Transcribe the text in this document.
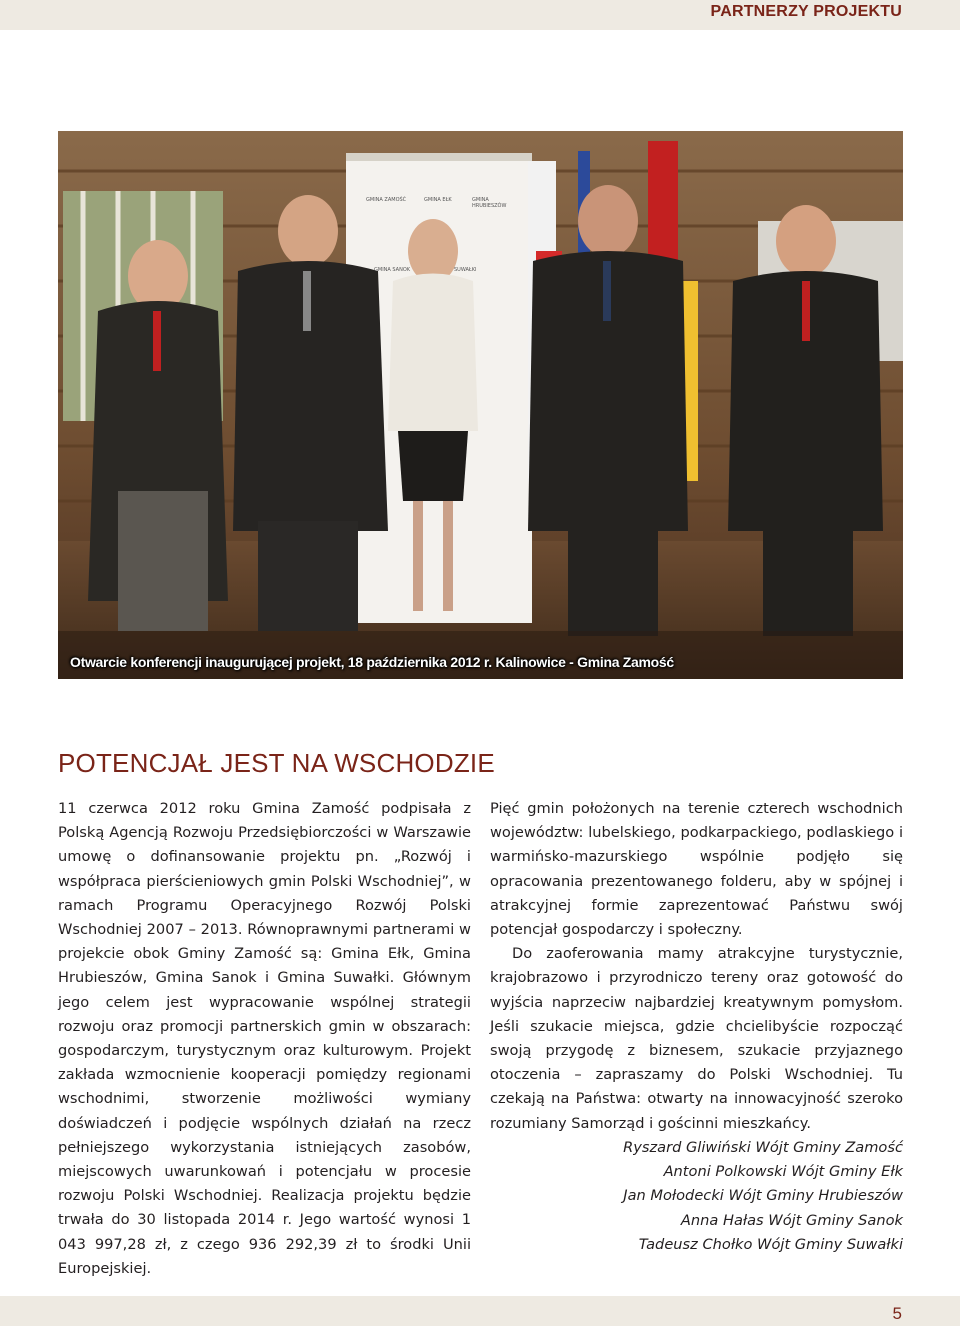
PARTNERZY PROJEKTU
GMINA ZAMOŚĆ	GMINA EŁK	GMINA HRUBIESZÓW
GMINA SANOK	SUWAŁKI
Otwarcie konferencji inaugurującej projekt, 18 października 2012 r. Kalinowice - Gmina Zamość
POTENCJAŁ JEST NA WSCHODZIE
11 czerwca 2012 roku Gmina Zamość podpisała z Polską Agencją Rozwoju Przedsiębiorczości w Warszawie umowę o dofinansowanie projektu pn. „Rozwój i współpraca pierścieniowych gmin Polski Wschodniej”, w ramach Programu Operacyjnego Rozwój Polski Wschodniej 2007 – 2013. Równoprawnymi partnerami w projekcie obok Gminy Zamość są: Gmina Ełk, Gmina Hrubieszów, Gmina Sanok i Gmina Suwałki. Głównym jego celem jest wypracowanie wspólnej strategii rozwoju oraz promocji partnerskich gmin w obszarach: gospodarczym, turystycznym oraz kulturowym. Projekt zakłada wzmocnienie kooperacji pomiędzy regionami wschodnimi, stworzenie możliwości wymiany doświadczeń i podjęcie wspólnych działań na rzecz pełniejszego wykorzystania istniejących zasobów, miejscowych uwarunkowań i potencjału w procesie rozwoju Polski Wschodniej. Realizacja projektu będzie trwała do 30 listopada 2014 r. Jego wartość wynosi 1 043 997,28 zł, z czego 936 292,39 zł to środki Unii Europejskiej.

Pięć gmin położonych na terenie czterech wschodnich województw: lubelskiego, podkarpackiego, podlaskiego i warmińsko-mazurskiego wspólnie podjęło się opracowania prezentowanego folderu, aby w spójnej i atrakcyjnej formie zaprezentować Państwu swój potencjał gospodarczy i społeczny.

Do zaoferowania mamy atrakcyjne turystycznie, krajobrazowo i przyrodniczo tereny oraz gotowość do wyjścia naprzeciw najbardziej kreatywnym pomysłom. Jeśli szukacie miejsca, gdzie chcielibyście rozpocząć swoją przygodę z biznesem, szukacie przyjaznego otoczenia – zapraszamy do Polski Wschodniej. Tu czekają na Państwa: otwarty na innowacyjność szeroko rozumiany Samorząd i gościnni mieszkańcy.

Ryszard Gliwiński Wójt Gminy Zamość
Antoni Polkowski Wójt Gminy Ełk
Jan Mołodecki Wójt Gminy Hrubieszów
Anna Hałas Wójt Gminy Sanok
Tadeusz Chołko Wójt Gminy Suwałki
5
